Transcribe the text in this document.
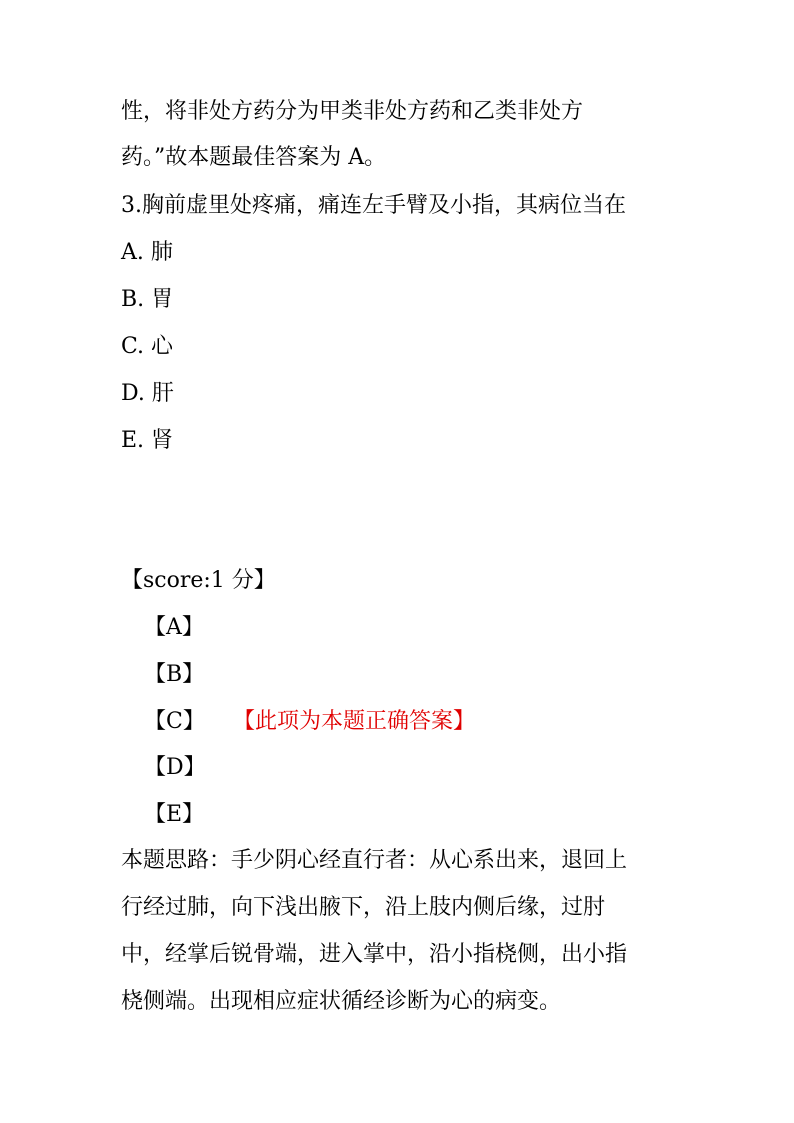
性，将非处方药分为甲类非处方药和乙类非处方
药。”故本题最佳答案为 A。
3.胸前虚里处疼痛，痛连左手臂及小指，其病位当在
A. 肺
B. 胃
C. 心
D. 肝
E. 肾
【score:1 分】
【A】
【B】
【C】 【此项为本题正确答案】
【D】
【E】
本题思路：手少阴心经直行者：从心系出来，退回上
行经过肺，向下浅出腋下，沿上肢内侧后缘，过肘
中，经掌后锐骨端，进入掌中，沿小指桡侧，出小指
桡侧端。出现相应症状循经诊断为心的病变。
